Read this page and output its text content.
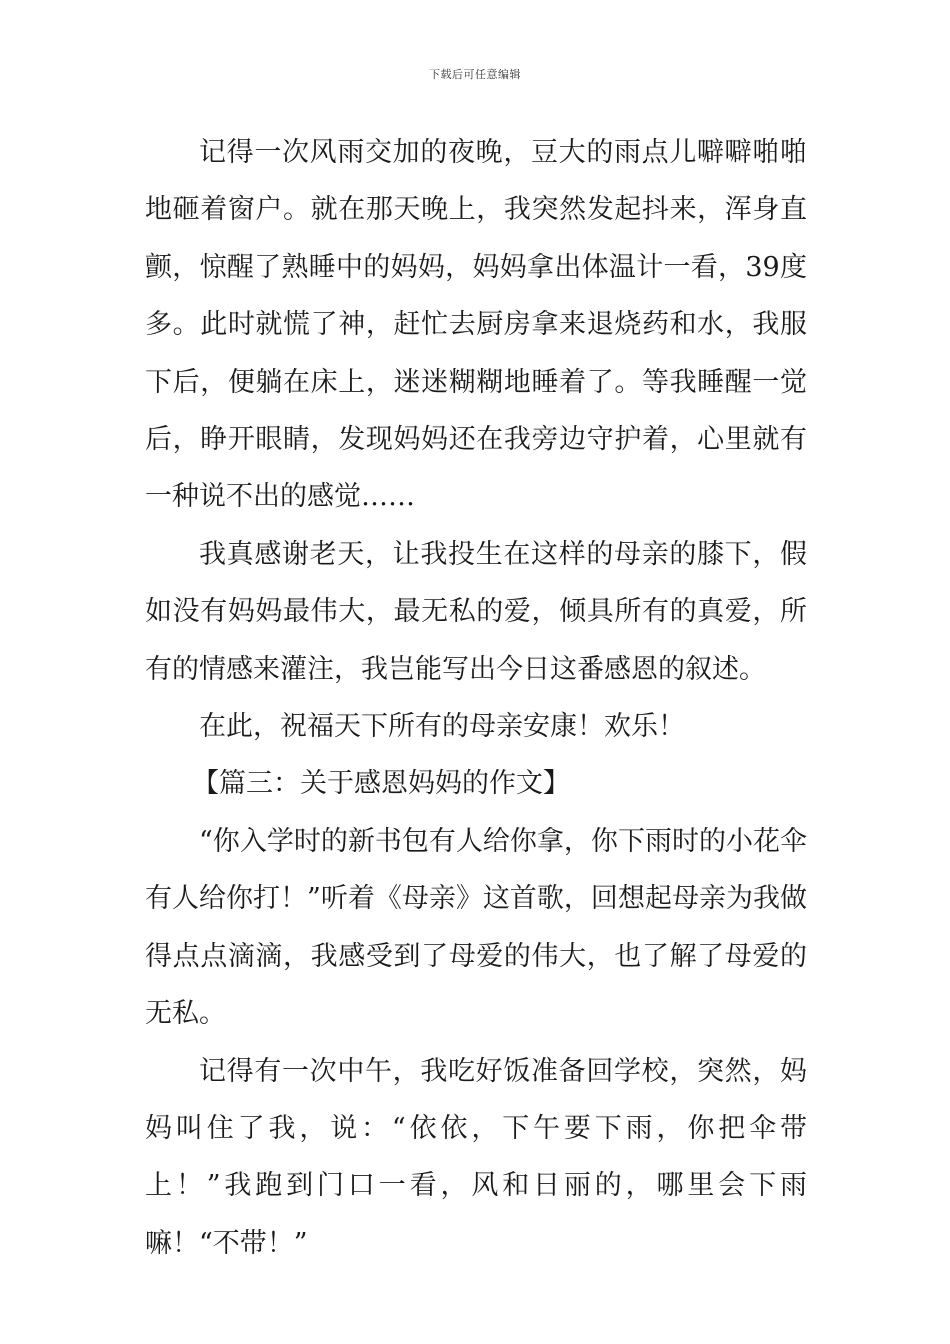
下载后可任意编辑

记得一次风雨交加的夜晚，豆大的雨点儿噼噼啪啪地砸着窗户。就在那天晚上，我突然发起抖来，浑身直颤，惊醒了熟睡中的妈妈，妈妈拿出体温计一看，39度多。此时就慌了神，赶忙去厨房拿来退烧药和水，我服下后，便躺在床上，迷迷糊糊地睡着了。等我睡醒一觉后，睁开眼睛，发现妈妈还在我旁边守护着，心里就有一种说不出的感觉……

我真感谢老天，让我投生在这样的母亲的膝下，假如没有妈妈最伟大，最无私的爱，倾具所有的真爱，所有的情感来灌注，我岂能写出今日这番感恩的叙述。

在此，祝福天下所有的母亲安康！欢乐！

【篇三：关于感恩妈妈的作文】

“你入学时的新书包有人给你拿，你下雨时的小花伞有人给你打！”听着《母亲》这首歌，回想起母亲为我做得点点滴滴，我感受到了母爱的伟大，也了解了母爱的无私。

记得有一次中午，我吃好饭准备回学校，突然，妈妈叫住了我，说：“依依，下午要下雨，你把伞带上！”我跑到门口一看，风和日丽的，哪里会下雨嘛！“不带！”
